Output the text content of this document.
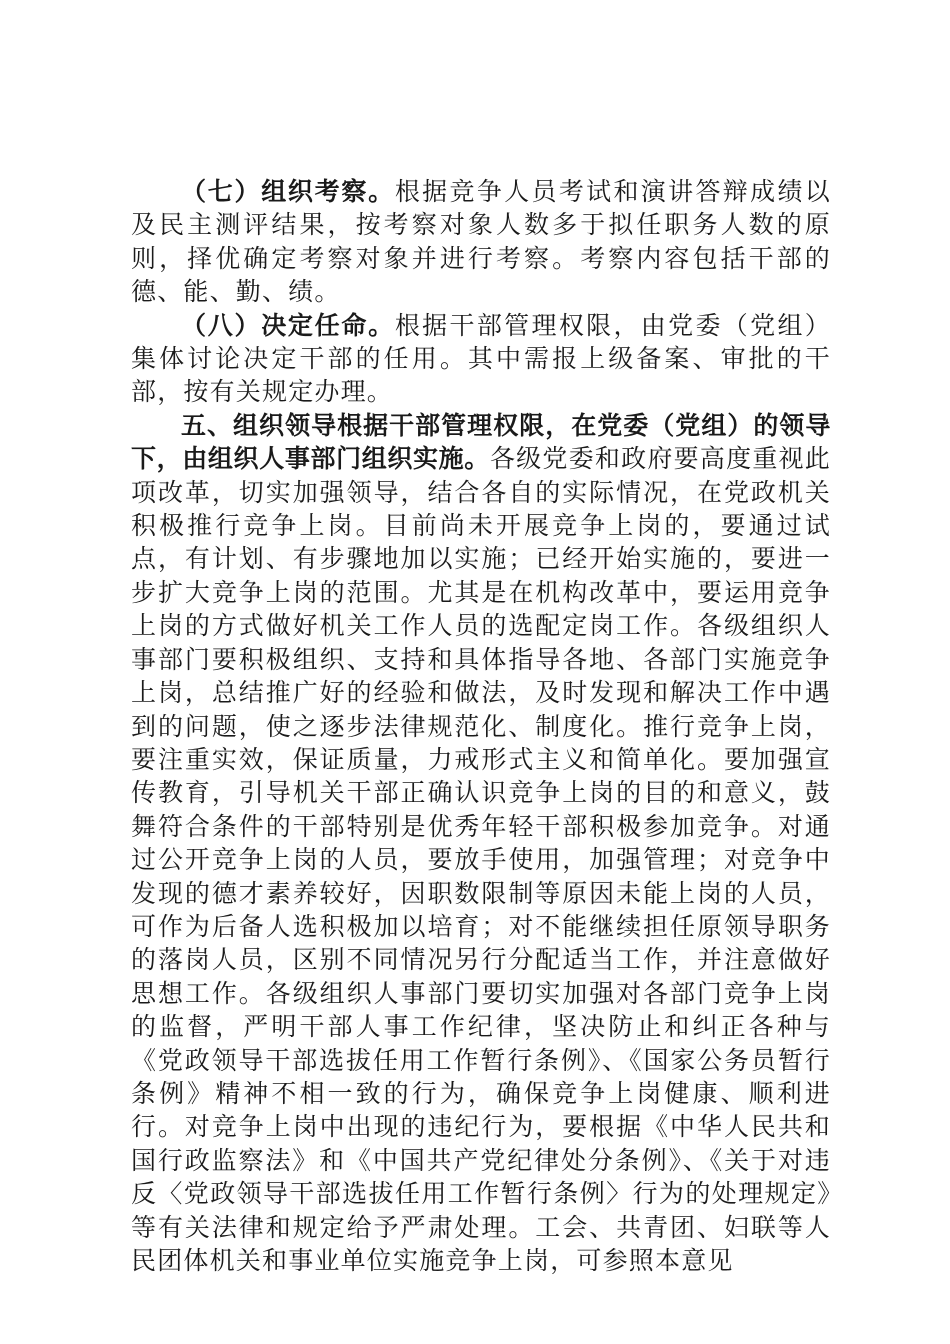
（七）组织考察。根据竞争人员考试和演讲答辩成绩以及民主测评结果，按考察对象人数多于拟任职务人数的原则，择优确定考察对象并进行考察。考察内容包括干部的德、能、勤、绩。

（八）决定任命。根据干部管理权限，由党委（党组）集体讨论决定干部的任用。其中需报上级备案、审批的干部，按有关规定办理。

五、组织领导根据干部管理权限，在党委（党组）的领导下，由组织人事部门组织实施。各级党委和政府要高度重视此项改革，切实加强领导，结合各自的实际情况，在党政机关积极推行竞争上岗。目前尚未开展竞争上岗的，要通过试点，有计划、有步骤地加以实施；已经开始实施的，要进一步扩大竞争上岗的范围。尤其是在机构改革中，要运用竞争上岗的方式做好机关工作人员的选配定岗工作。各级组织人事部门要积极组织、支持和具体指导各地、各部门实施竞争上岗，总结推广好的经验和做法，及时发现和解决工作中遇到的问题，使之逐步法律规范化、制度化。推行竞争上岗，要注重实效，保证质量，力戒形式主义和简单化。要加强宣传教育，引导机关干部正确认识竞争上岗的目的和意义，鼓舞符合条件的干部特别是优秀年轻干部积极参加竞争。对通过公开竞争上岗的人员，要放手使用，加强管理；对竞争中发现的德才素养较好，因职数限制等原因未能上岗的人员，可作为后备人选积极加以培育；对不能继续担任原领导职务的落岗人员，区别不同情况另行分配适当工作，并注意做好思想工作。各级组织人事部门要切实加强对各部门竞争上岗的监督，严明干部人事工作纪律，坚决防止和纠正各种与《党政领导干部选拔任用工作暂行条例》、《国家公务员暂行条例》精神不相一致的行为，确保竞争上岗健康、顺利进行。对竞争上岗中出现的违纪行为，要根据《中华人民共和国行政监察法》和《中国共产党纪律处分条例》、《关于对违反〈党政领导干部选拔任用工作暂行条例〉行为的处理规定》等有关法律和规定给予严肃处理。工会、共青团、妇联等人民团体机关和事业单位实施竞争上岗，可参照本意见
